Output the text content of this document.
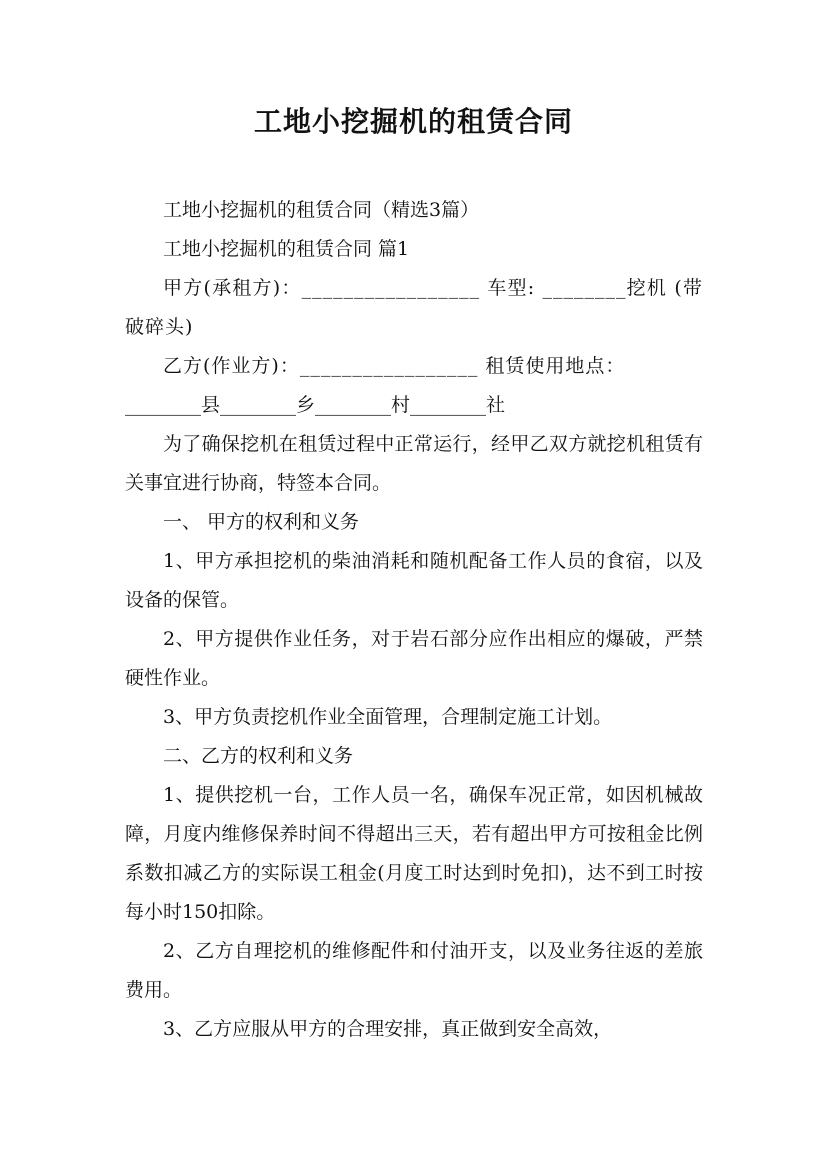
工地小挖掘机的租赁合同

工地小挖掘机的租赁合同（精选3篇）

工地小挖掘机的租赁合同 篇1

甲方(承租方)：_________________ 车型: ________挖机 (带破碎头)

乙方(作业方)：_________________ 租赁使用地点：

________县________乡________村________社

为了确保挖机在租赁过程中正常运行，经甲乙双方就挖机租赁有关事宜进行协商，特签本合同。

一、 甲方的权利和义务

1、甲方承担挖机的柴油消耗和随机配备工作人员的食宿，以及设备的保管。

2、甲方提供作业任务，对于岩石部分应作出相应的爆破，严禁硬性作业。

3、甲方负责挖机作业全面管理，合理制定施工计划。

二、乙方的权利和义务

1、提供挖机一台，工作人员一名，确保车况正常，如因机械故障，月度内维修保养时间不得超出三天，若有超出甲方可按租金比例系数扣减乙方的实际误工租金(月度工时达到时免扣)，达不到工时按每小时150扣除。

2、乙方自理挖机的维修配件和付油开支，以及业务往返的差旅费用。

3、乙方应服从甲方的合理安排，真正做到安全高效，
